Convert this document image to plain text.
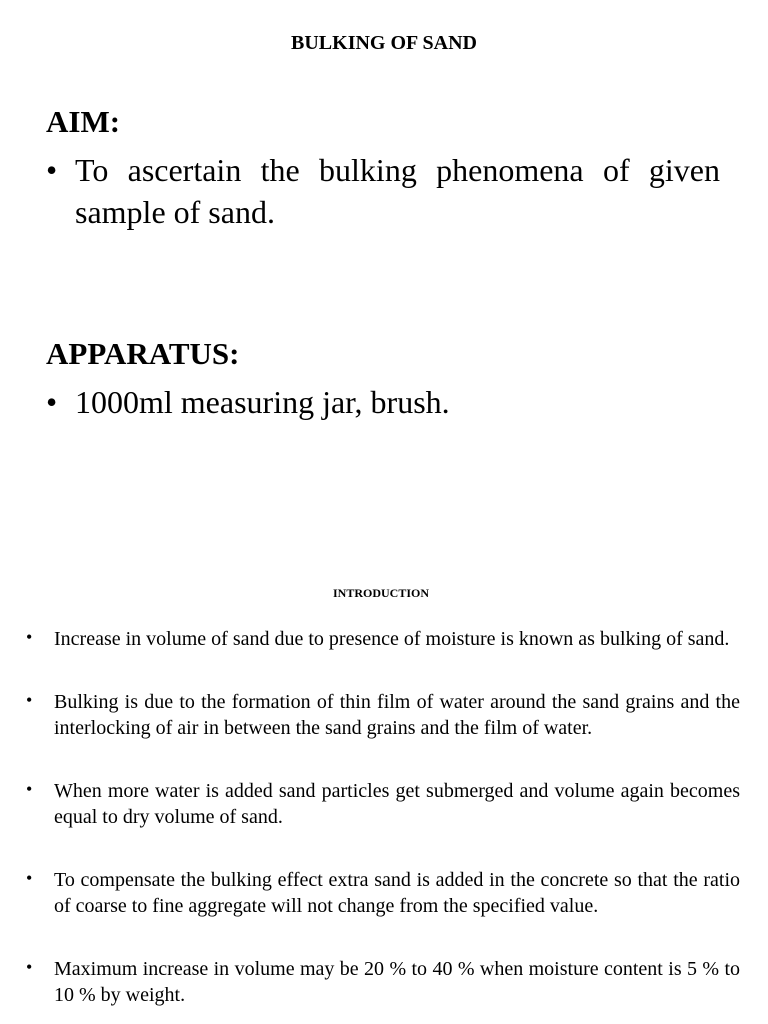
BULKING OF SAND
AIM:
• To ascertain the bulking phenomena of given sample of sand.
APPARATUS:
• 1000ml measuring jar, brush.
INTRODUCTION
• Increase in volume of sand due to presence of moisture is known as bulking of sand.
• Bulking is due to the formation of thin film of water around the sand grains and the interlocking of air in between the sand grains and the film of water.
• When more water is added sand particles get submerged and volume again becomes equal to dry volume of sand.
• To compensate the bulking effect extra sand is added in the concrete so that the ratio of coarse to fine aggregate will not change from the specified value.
• Maximum increase in volume may be 20 % to 40 % when moisture content is 5 % to 10 % by weight.
